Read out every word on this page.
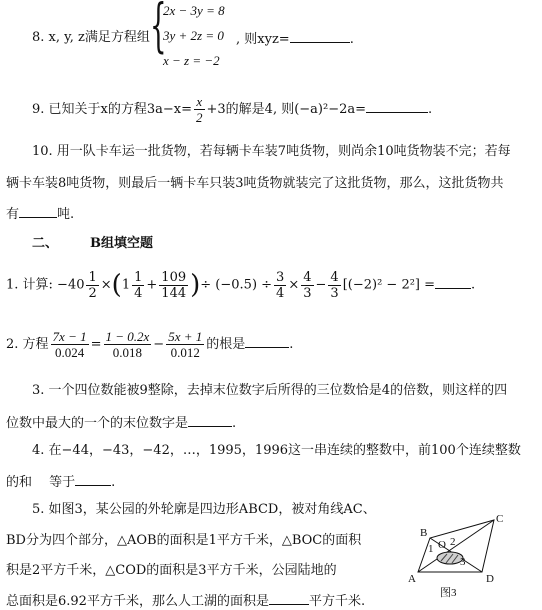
8. x, y, z满足方程组 {
2x − 3y = 8
3y + 2z = 0
x − z = −2
, 则xyz=	.
9. 已知关于x的方程$3a-x= \frac{x}{2} +3$的解是4, 则(−a)²−2a=	.
10. 用一队卡车运一批货物，若每辆卡车装7吨货物，则尚余10吨货物装不完；若每
辆卡车装8吨货物，则最后一辆卡车只装3吨货物就装完了这批货物，那么，这批货物共
有	吨.
二、 B组填空题
1. 计算: $-40 \frac{1}{2} \times(1 \frac{1}{4} + \frac{109}{144}$ )÷ $(-0.5) \div \frac{3}{4} \times \frac{4}{3} - \frac{4}{3} [(-2)^2 - 2^2]$ =	.
2. 方程 $\frac{7x - 1}{0.024} = \frac{1 - 0.2x}{0.018} - \frac{5x + 1}{0.012}$ 的根是	.
3. 一个四位数能被9整除，去掉末位数字后所得的三位数恰是4的倍数，则这样的四
位数中最大的一个的末位数字是	.
4. 在−44，−43，−42，…，1995，1996这一串连续的整数中，前100个连续整数
的和　 等于	.
5. 如图3，某公园的外轮廓是四边形ABCD，被对角线AC、
BD分为四个部分，△AOB的面积是1平方千米，△BOC的面积
积是2平方千米，△COD的面积是3平方千米，公园陆地的
总面积是6.92平方千米，那么人工湖的面积是	平方千米.
A
B
C
D
O
1
2
3
图3
